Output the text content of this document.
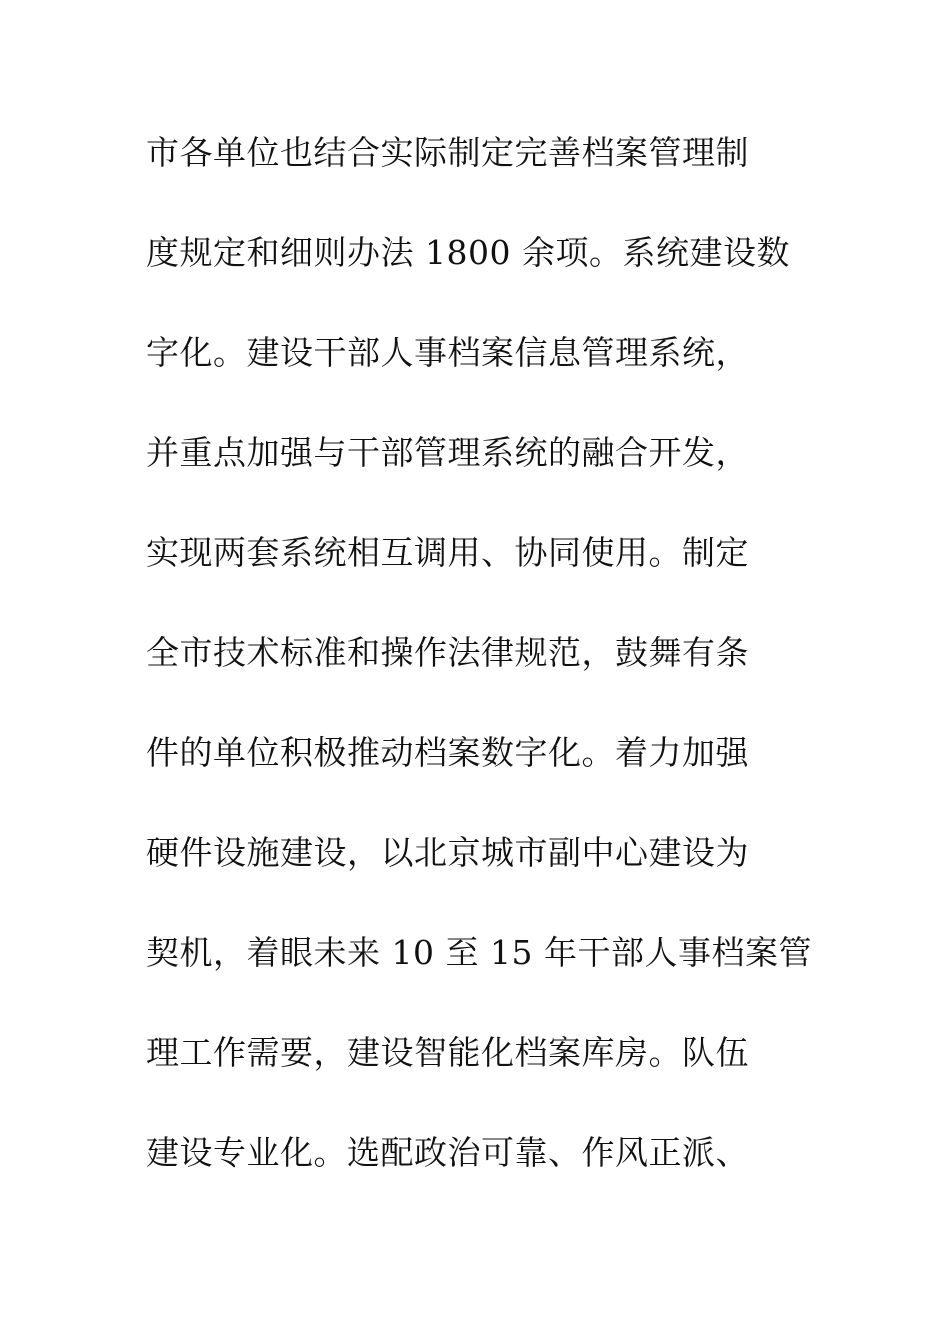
市各单位也结合实际制定完善档案管理制
度规定和细则办法 1800 余项。系统建设数
字化。建设干部人事档案信息管理系统，
并重点加强与干部管理系统的融合开发，
实现两套系统相互调用、协同使用。制定
全市技术标准和操作法律规范，鼓舞有条
件的单位积极推动档案数字化。着力加强
硬件设施建设，以北京城市副中心建设为
契机，着眼未来 10 至 15 年干部人事档案管
理工作需要，建设智能化档案库房。队伍
建设专业化。选配政治可靠、作风正派、
